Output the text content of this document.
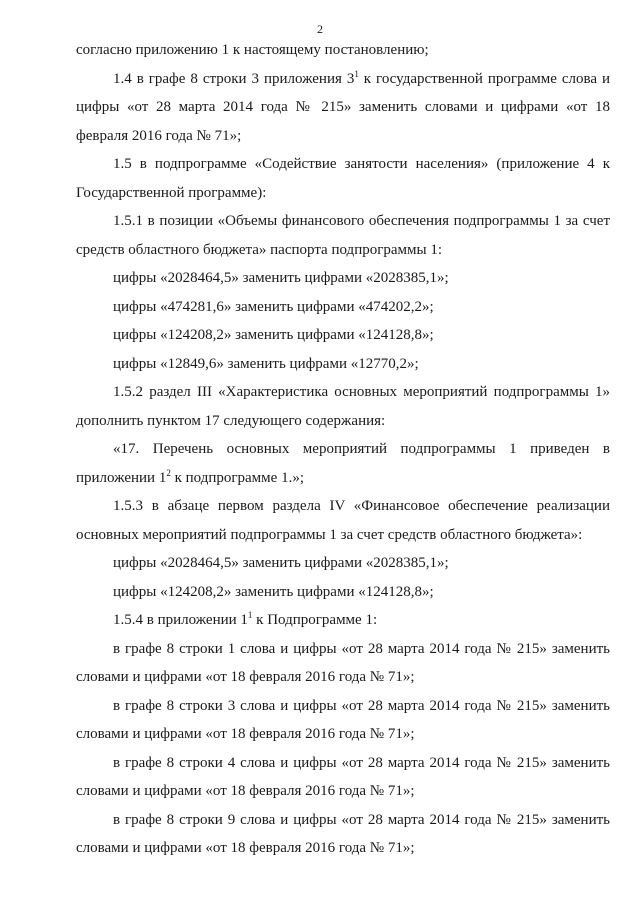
2

согласно приложению 1 к настоящему постановлению;

1.4 в графе 8 строки 3 приложения $3^1$ к государственной программе слова и цифры «от 28 марта 2014 года № 215» заменить словами и цифрами «от 18 февраля 2016 года № 71»;

1.5 в подпрограмме «Содействие занятости населения» (приложение 4 к Государственной программе):

1.5.1 в позиции «Объемы финансового обеспечения подпрограммы 1 за счет средств областного бюджета» паспорта подпрограммы 1:

цифры «2028464,5» заменить цифрами «2028385,1»;

цифры «474281,6» заменить цифрами «474202,2»;

цифры «124208,2» заменить цифрами «124128,8»;

цифры «12849,6» заменить цифрами «12770,2»;

1.5.2 раздел III «Характеристика основных мероприятий подпрограммы 1» дополнить пунктом 17 следующего содержания:

«17. Перечень основных мероприятий подпрограммы 1 приведен в приложении $1^2$ к подпрограмме 1.»;

1.5.3 в абзаце первом раздела IV «Финансовое обеспечение реализации основных мероприятий подпрограммы 1 за счет средств областного бюджета»:

цифры «2028464,5» заменить цифрами «2028385,1»;

цифры «124208,2» заменить цифрами «124128,8»;

1.5.4 в приложении $1^1$ к Подпрограмме 1:

в графе 8 строки 1 слова и цифры «от 28 марта 2014 года № 215» заменить словами и цифрами «от 18 февраля 2016 года № 71»;

в графе 8 строки 3 слова и цифры «от 28 марта 2014 года № 215» заменить словами и цифрами «от 18 февраля 2016 года № 71»;

в графе 8 строки 4 слова и цифры «от 28 марта 2014 года № 215» заменить словами и цифрами «от 18 февраля 2016 года № 71»;

в графе 8 строки 9 слова и цифры «от 28 марта 2014 года № 215» заменить словами и цифрами «от 18 февраля 2016 года № 71»;
